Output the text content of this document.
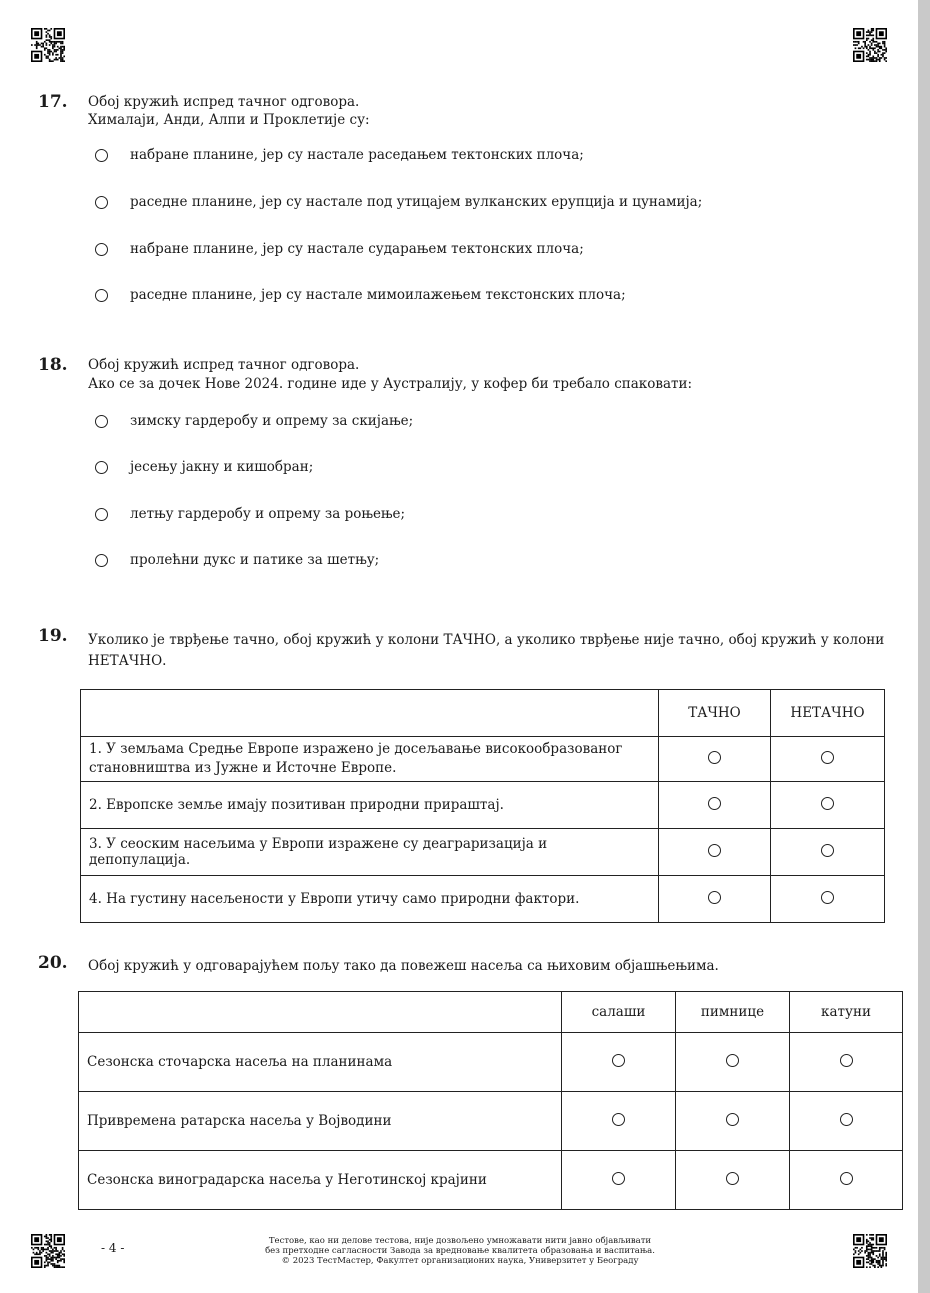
17. Обој кружић испред тачног одговора.
Хималаји, Анди, Алпи и Проклетије су:
набране планине, јер су настале раседањем тектонских плоча;
раседне планине, јер су настале под утицајем вулканских ерупција и цунамија;
набране планине, јер су настале сударањем тектонских плоча;
раседне планине, јер су настале мимоилажењем текстонских плоча;
18. Обој кружић испред тачног одговора.
Ако се за дочек Нове 2024. године иде у Аустралију, у кофер би требало спаковати:
зимску гардеробу и опрему за скијање;
јесењу јакну и кишобран;
летњу гардеробу и опрему за роњење;
пролећни дукс и патике за шетњу;
19. Уколико је тврђење тачно, обој кружић у колони ТАЧНО, а уколико тврђење није тачно, обој кружић у колони
НЕТАЧНО.
	ТАЧНО	НЕТАЧНО

1. У земљама Средње Европе изражено је досељавање високообразованог
становништва из Јужне и Источне Европе.		

2. Европске земље имају позитиван природни прираштај.		
3. У сеоским насељима у Европи изражене су деаграризација и депопулација.		
4. На густину насељености у Европи утичу само природни фактори.		
20. Обој кружић у одговарајућем пољу тако да повежеш насеља са њиховим објашњењима.
	салаши	пимнице	катуни
Сезонска сточарска насеља на планинама			
Привремена ратарска насеља у Војводини			
Сезонска виноградарска насеља у Неготинској крајини			
- 4 -	Тестове, као ни делове тестова, није дозвољено умножавати нити јавно објављивати
без претходне сагласности Завода за вредновање квалитета образовања и васпитања.
© 2023 ТестМастер, Факултет организационих наука, Универзитет у Београду
